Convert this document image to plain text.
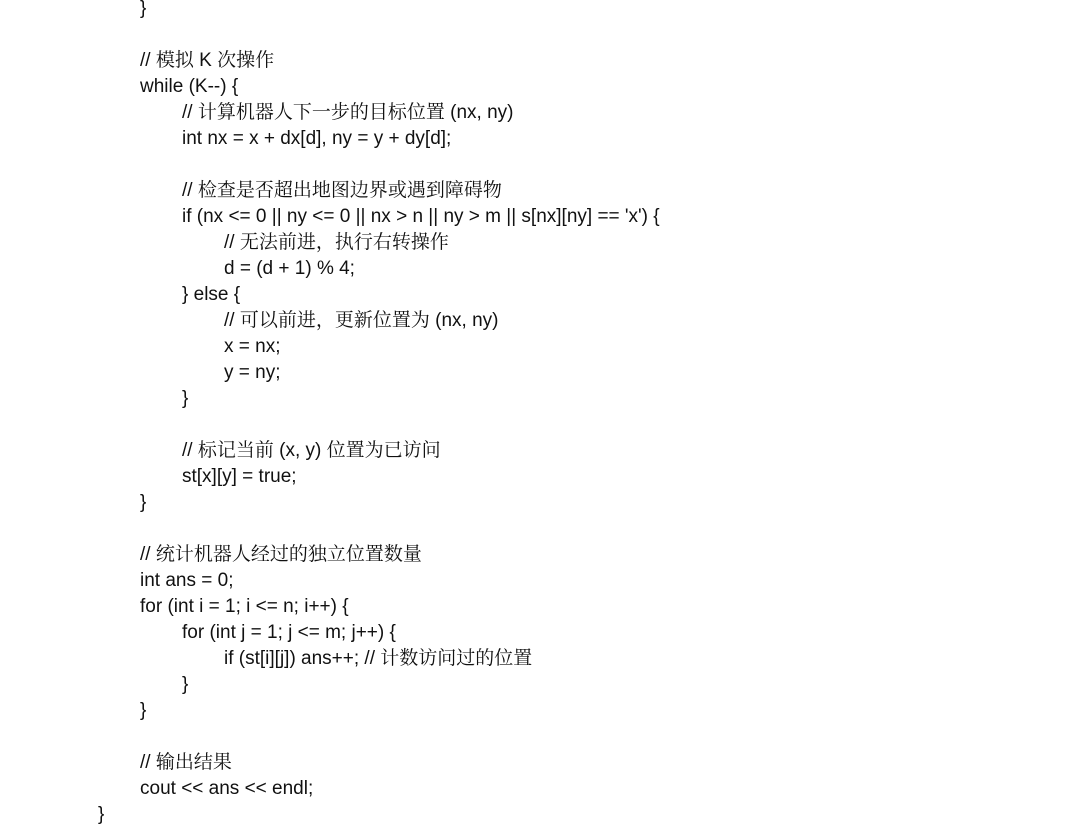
}
// 模拟 K 次操作
while (K--) {
// 计算机器人下一步的目标位置 (nx, ny)
int nx = x + dx[d], ny = y + dy[d];
// 检查是否超出地图边界或遇到障碍物
if (nx <= 0 || ny <= 0 || nx > n || ny > m || s[nx][ny] == 'x') {
// 无法前进，执行右转操作
d = (d + 1) % 4;
} else {
// 可以前进，更新位置为 (nx, ny)
x = nx;
y = ny;
}
// 标记当前 (x, y) 位置为已访问
st[x][y] = true;
}
// 统计机器人经过的独立位置数量
int ans = 0;
for (int i = 1; i <= n; i++) {
for (int j = 1; j <= m; j++) {
if (st[i][j]) ans++; // 计数访问过的位置
}
}
// 输出结果
cout << ans << endl;
}
